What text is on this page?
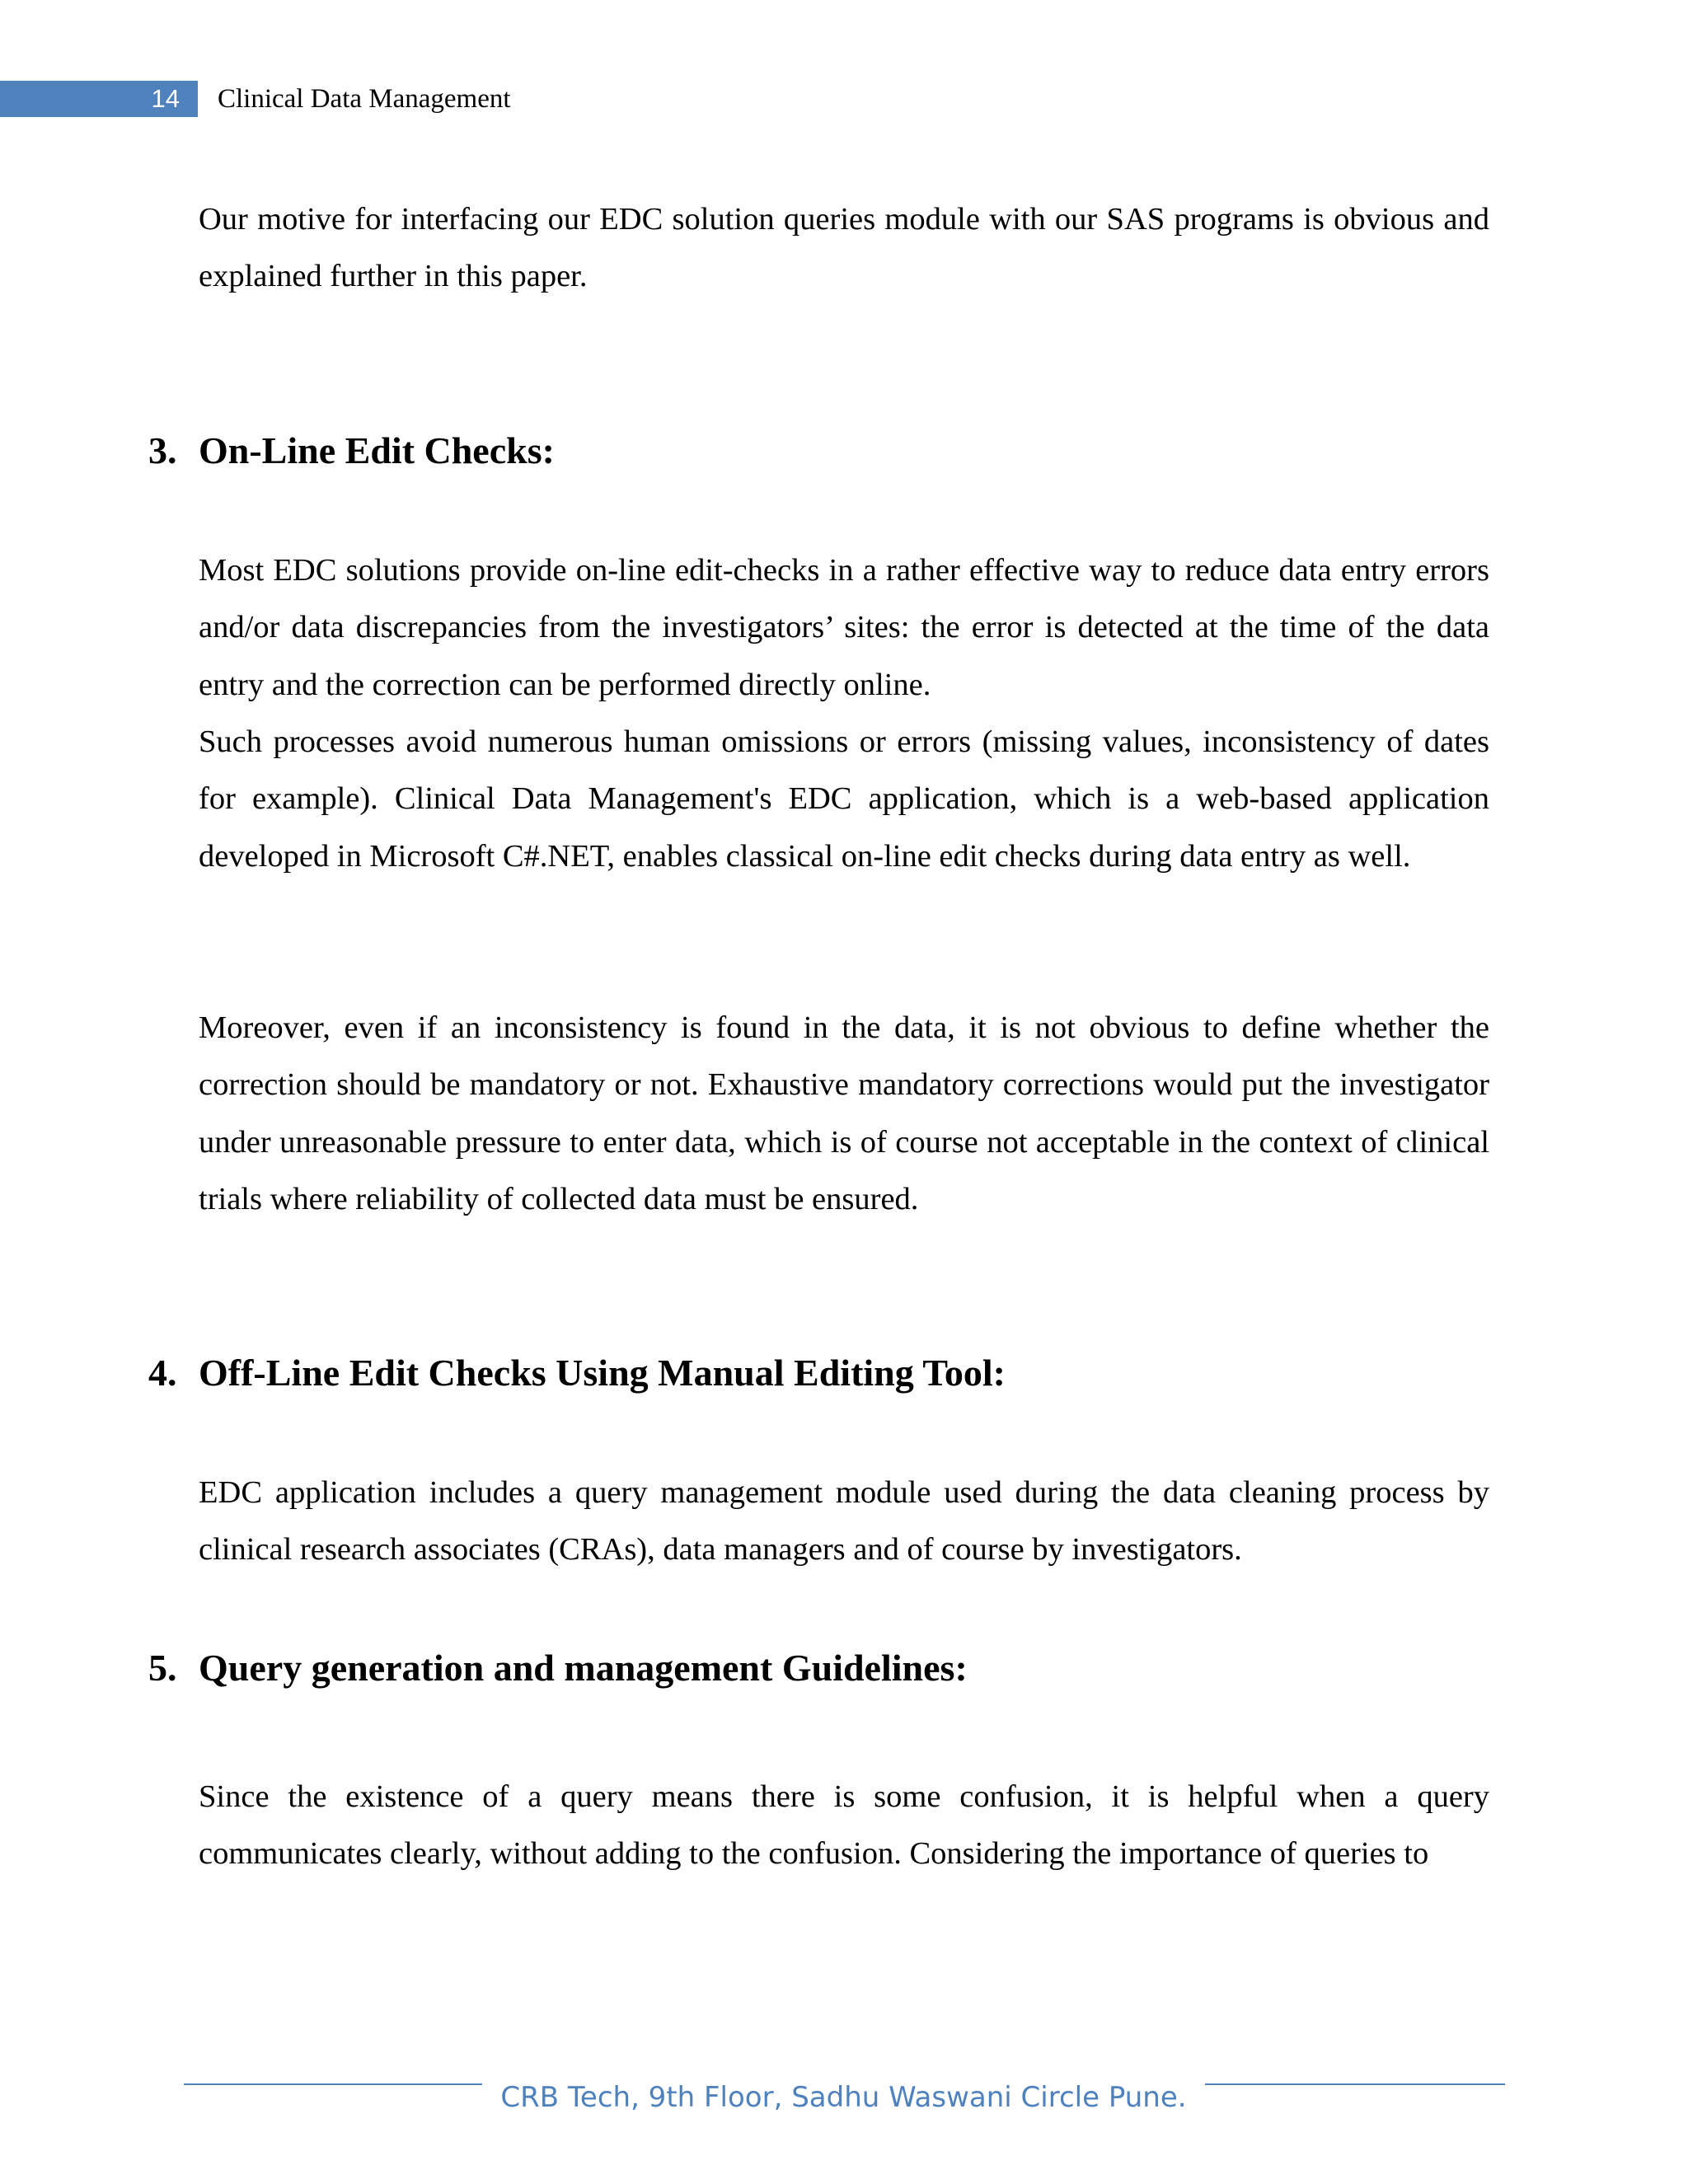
14 Clinical Data Management

Our motive for interfacing our EDC solution queries module with our SAS programs is obvious and explained further in this paper.

3. On-Line Edit Checks:

Most EDC solutions provide on-line edit-checks in a rather effective way to reduce data entry errors and/or data discrepancies from the investigators’ sites: the error is detected at the time of the data entry and the correction can be performed directly online.

Such processes avoid numerous human omissions or errors (missing values, inconsistency of dates for example). Clinical Data Management's EDC application, which is a web-based application developed in Microsoft C#.NET, enables classical on-line edit checks during data entry as well.

Moreover, even if an inconsistency is found in the data, it is not obvious to define whether the correction should be mandatory or not. Exhaustive mandatory corrections would put the investigator under unreasonable pressure to enter data, which is of course not acceptable in the context of clinical trials where reliability of collected data must be ensured.

4. Off-Line Edit Checks Using Manual Editing Tool:

EDC application includes a query management module used during the data cleaning process by clinical research associates (CRAs), data managers and of course by investigators.

5. Query generation and management Guidelines:

Since the existence of a query means there is some confusion, it is helpful when a query communicates clearly, without adding to the confusion. Considering the importance of queries to

CRB Tech, 9th Floor, Sadhu Waswani Circle Pune.
